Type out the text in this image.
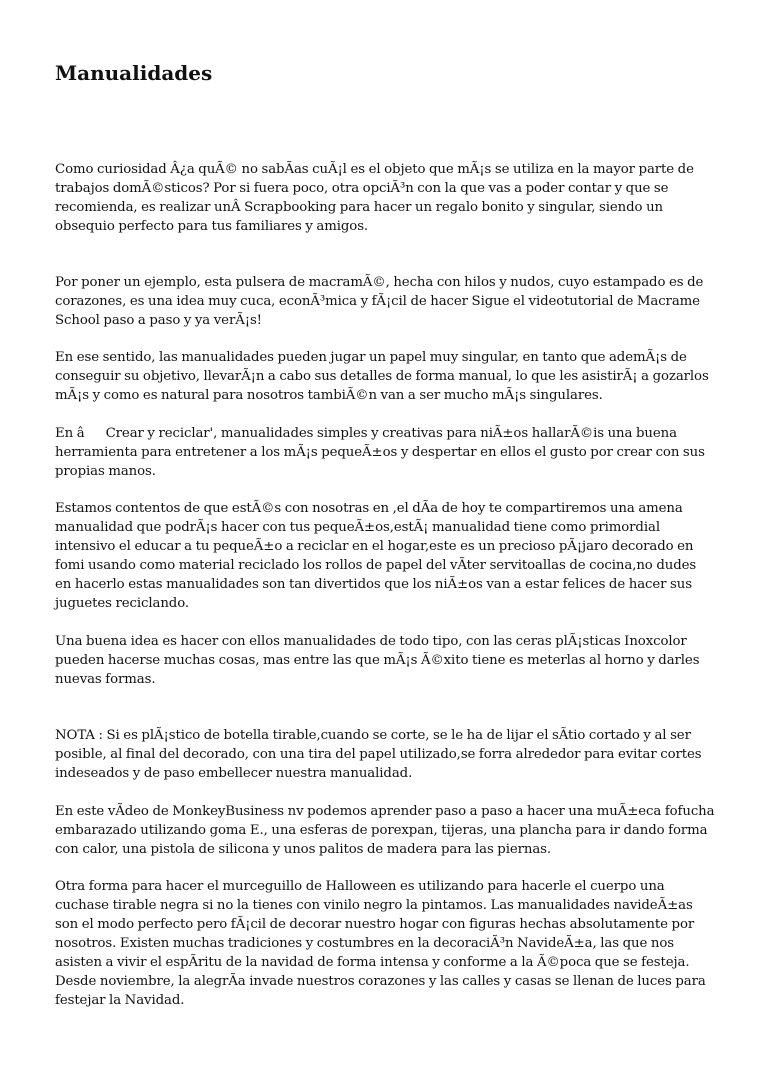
Manualidades

Como curiosidad Â¿a quÃ© no sabÃas cuÃ¡l es el objeto que mÃ¡s se utiliza en la mayor parte de trabajos domÃ©sticos? Por si fuera poco, otra opciÃ³n con la que vas a poder contar y que se recomienda, es realizar unÂ Scrapbooking para hacer un regalo bonito y singular, siendo un obsequio perfecto para tus familiares y amigos.

Por poner un ejemplo, esta pulsera de macramÃ©, hecha con hilos y nudos, cuyo estampado es de corazones, es una idea muy cuca, econÃ³mica y fÃ¡cil de hacer Sigue el videotutorial de Macrame School paso a paso y ya verÃ¡s!

En ese sentido, las manualidades pueden jugar un papel muy singular, en tanto que ademÃ¡s de conseguir su objetivo, llevarÃ¡n a cabo sus detalles de forma manual, lo que les asistirÃ¡ a gozarlos mÃ¡s y como es natural para nosotros tambiÃ©n van a ser mucho mÃ¡s singulares.

En âCrear y reciclar', manualidades simples y creativas para niÃ±os hallarÃ©is una buena herramienta para entretener a los mÃ¡s pequeÃ±os y despertar en ellos el gusto por crear con sus propias manos.

Estamos contentos de que estÃ©s con nosotras en ,el dÃa de hoy te compartiremos una amena manualidad que podrÃ¡s hacer con tus pequeÃ±os,estÃ¡ manualidad tiene como primordial intensivo el educar a tu pequeÃ±o a reciclar en el hogar,este es un precioso pÃ¡jaro decorado en fomi usando como material reciclado los rollos de papel del vÃter servitoallas de cocina,no dudes en hacerlo estas manualidades son tan divertidos que los niÃ±os van a estar felices de hacer sus juguetes reciclando.

Una buena idea es hacer con ellos manualidades de todo tipo, con las ceras plÃ¡sticas Inoxcolor pueden hacerse muchas cosas, mas entre las que mÃ¡s Ã©xito tiene es meterlas al horno y darles nuevas formas.

NOTA : Si es plÃ¡stico de botella tirable,cuando se corte, se le ha de lijar el sÃtio cortado y al ser posible, al final del decorado, con una tira del papel utilizado,se forra alrededor para evitar cortes indeseados y de paso embellecer nuestra manualidad.

En este vÃdeo de MonkeyBusiness nv podemos aprender paso a paso a hacer una muÃ±eca fofucha embarazado utilizando goma E., una esferas de porexpan, tijeras, una plancha para ir dando forma con calor, una pistola de silicona y unos palitos de madera para las piernas.

Otra forma para hacer el murceguillo de Halloween es utilizando para hacerle el cuerpo una cuchase tirable negra si no la tienes con vinilo negro la pintamos. Las manualidades navideÃ±as son el modo perfecto pero fÃ¡cil de decorar nuestro hogar con figuras hechas absolutamente por nosotros. Existen muchas tradiciones y costumbres en la decoraciÃ³n NavideÃ±a, las que nos asisten a vivir el espÃritu de la navidad de forma intensa y conforme a la Ã©poca que se festeja. Desde noviembre, la alegrÃa invade nuestros corazones y las calles y casas se llenan de luces para festejar la Navidad.
